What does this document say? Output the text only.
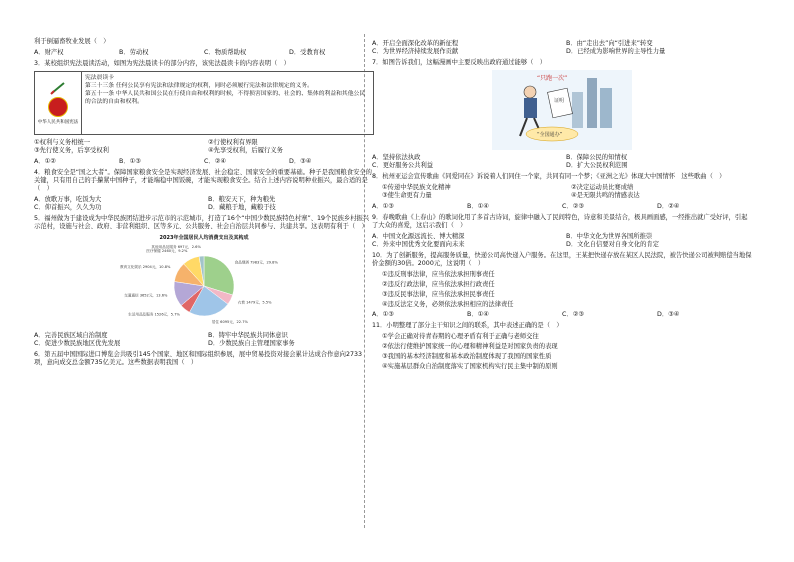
利于倒逼畜牧业发展（　）
A．财产权	B．劳动权	C．物质帮助权	D．受教育权
3．某校组织宪法晨读活动，如图为宪法晨读卡的部分内容，该宪法晨读卡的内容表明（　）
中华人民共和国宪法
宪法晨读卡
第三十三条 任何公民享有宪法和法律规定的权利，同时必须履行宪法和法律规定的义务。
第五十一条 中华人民共和国公民在行使自由和权利的时候，不得损害国家的、社会的、集体的利益和其他公民的合法的自由和权利。
①权利与义务相统一	②行使权利有界限
③先行使义务，后享受权利	④先享受权利，后履行义务
A．①②	B．①③	C．②④	D．③④
4．粮食安全是“国之大者”。保障国家粮食安全是实现经济发展、社会稳定、国家安全的重要基础。种子是我国粮食安全的关键，只有用自己的手攥紧中国种子，才能端稳中国饭碗，才能实现粮食安全。结合上述内容说明种业振兴，最合适的是（　）
A．放歌万事，吃饭为大	B．粮安天下，种为粮先
C．仰首振兴，久久为功	D．藏粮于地，藏粮于技
5．福州做为于建设成为中华民族团结进步示范市的示范城市，打造了16个“中国少数民族特色村寨”、19个民族乡村振兴示范村，设施与社会、政府、非营利组织、区等多元、公共服务、社会自治层共同参与、共建共享。这表明有利于（　）
2023年全国居民人均消费支出及其构成
食品烟酒 7983元，29.8%
衣着 1479元，5.5%
居住 6095元，22.7%
生活用品及服务 1526元，5.7%
交通通信 3652元，13.6%
教育文化娱乐 2904元，10.8%
医疗保健 2460元，9.2%
其他用品及服务 697元，2.6%
A．完善民族区域自治制度	B．铸牢中华民族共同体意识
C．促进少数民族地区优先发展	D．少数民族自主管理国家事务
6．第五届中国国际进口博览会共吸引145个国家、地区和国际组织参展，展中贸易投资对接会累计达成合作意向2733项，意向成交总金额735亿美元。这些数据表明我国（　）
A．开启全面深化改革的新征程	B．由“走出去”向“引进来”转变
C．为世界经济持续发展作贡献	D．已经成为影响世界的主导性力量
7．如图告诉我们，这幅漫画中主要反映出政府通过能够（　）
“全国通办”
证明
“只跑一次”
A．坚持依法执政	B．保障公民的知情权
C．更好服务公共利益	D．扩大公民权利范围
8．杭州亚运会宣传歌曲《同爱同在》诉说着人们同住一个家，共同有同一个梦；《亚洲之光》体现大中国情怀　这些歌曲（　）
①传递中华民族文化精神	②决定运动员比赛成绩
③使生命更有力量	④是无限共鸣的情感表达
A．①③	B．①④	C．②③	D．②④
9．春晚歌曲《上春山》的歌词化用了多首古诗词，旋律中融入了民间特色，诗意和美景结合，极具画面感，一经推出就广受好评，引起了大众的喜爱，这启示我们（　）
A．中国文化源远流长、博大精深	B．中华文化为世界各国所推崇
C．外来中国优秀文化要面向未来	D．文化自信要对自身文化的肯定
10．为了创新服务，提高服务质量，快递公司高快递入户服务。在这里，王某把快递存放在某区人民法院，被告快递公司被判赔偿当地保价金额的30倍。2000元，这说明（　）
①违反刑事法律，应当依法承担刑事责任
②违反行政法律，应当依法承担行政责任
③违反民事法律，应当依法承担民事责任
④违反法定义务，必须依法承担相应的法律责任
A．①③	B．①④	C．②③	D．③④
11．小明整理了部分主干知识之间的联系，其中表述正确的是（　）
①学会正确对待青春期的心理矛盾有利于正确与老师交往
②依法行使维护国家统一的心理和精神利益是对国家负责的表现
③我国的基本经济制度和基本政治制度体现了我国的国家性质
④实施基层群众自治制度落实了国家机构实行民主集中制的原则
